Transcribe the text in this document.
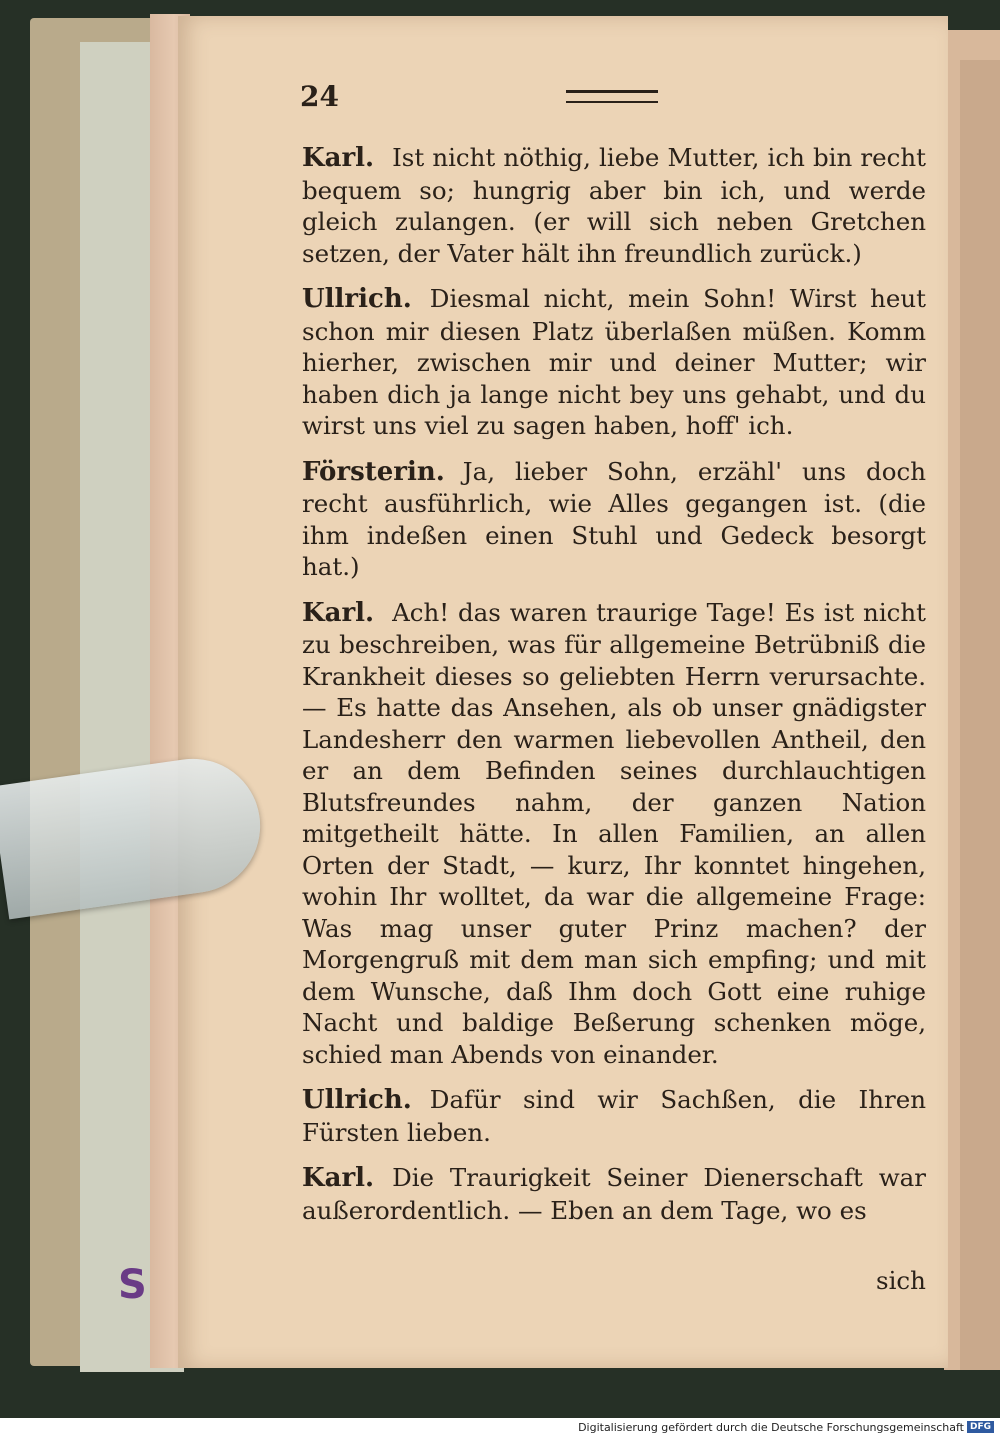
S
24

Karl. Ist nicht nöthig, liebe Mutter, ich bin recht bequem so; hungrig aber bin ich, und werde gleich zulangen. (er will sich neben Gretchen setzen, der Vater hält ihn freundlich zurück.)

Ullrich. Diesmal nicht, mein Sohn! Wirst heut schon mir diesen Platz überlaßen müßen. Komm hierher, zwischen mir und deiner Mutter; wir haben dich ja lange nicht bey uns gehabt, und du wirst uns viel zu sagen haben, hoff' ich.

Försterin. Ja, lieber Sohn, erzähl' uns doch recht ausführlich, wie Alles gegangen ist. (die ihm indeßen einen Stuhl und Gedeck besorgt hat.)

Karl. Ach! das waren traurige Tage! Es ist nicht zu beschreiben, was für allgemeine Betrübniß die Krankheit dieses so geliebten Herrn verursachte. — Es hatte das Ansehen, als ob unser gnädigster Landesherr den warmen liebevollen Antheil, den er an dem Befinden seines durchlauchtigen Blutsfreundes nahm, der ganzen Nation mitgetheilt hätte. In allen Familien, an allen Orten der Stadt, — kurz, Ihr konntet hingehen, wohin Ihr wolltet, da war die allgemeine Frage: Was mag unser guter Prinz machen? der Morgengruß mit dem man sich empfing; und mit dem Wunsche, daß Ihm doch Gott eine ruhige Nacht und baldige Beßerung schenken möge, schied man Abends von einander.

Ullrich. Dafür sind wir Sachßen, die Ihren Fürsten lieben.

Karl. Die Traurigkeit Seiner Dienerschaft war außerordentlich. — Eben an dem Tage, wo es

sich
Digitalisierung gefördert durch die Deutsche Forschungsgemeinschaft DFG
